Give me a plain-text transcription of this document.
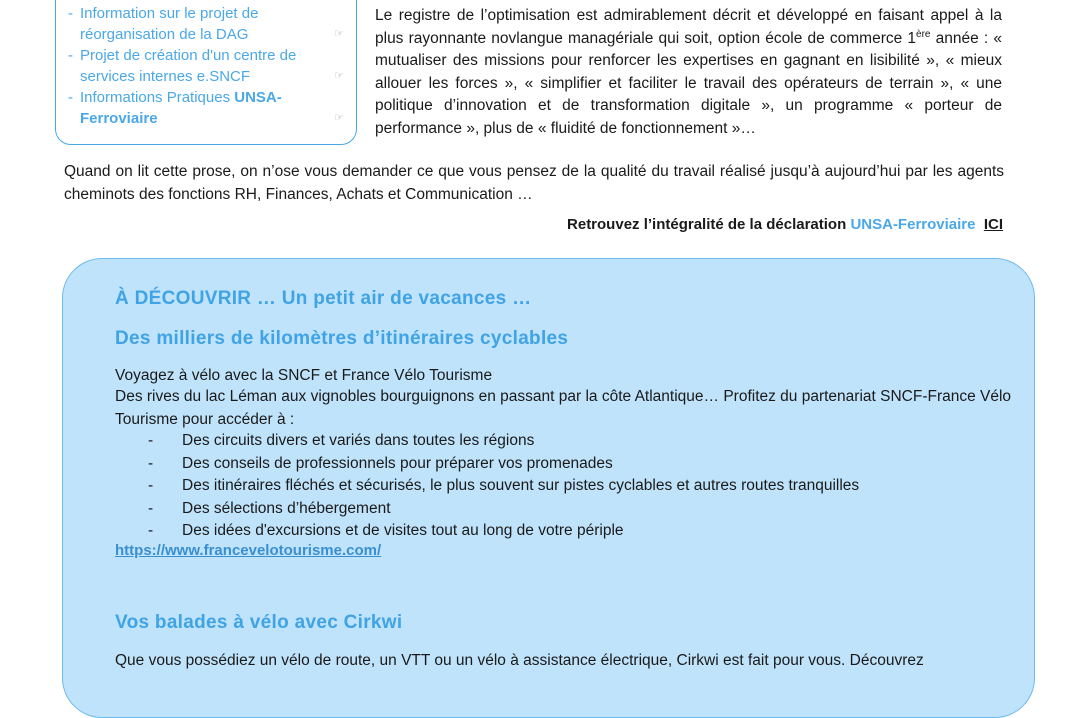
- Information sur le projet de réorganisation de la DAG	☞
- Projet de création d'un centre de services internes e.SNCF	☞
- Informations Pratiques UNSA-Ferroviaire	☞

Le registre de l’optimisation est admirablement décrit et développé en faisant appel à la plus rayonnante novlangue managériale qui soit, option école de commerce 1ère année : « mutualiser des missions pour renforcer les expertises en gagnant en lisibilité », « mieux allouer les forces », « simplifier et faciliter le travail des opérateurs de terrain », « une politique d’innovation et de transformation digitale », un programme « porteur de performance », plus de « fluidité de fonctionnement »…

Quand on lit cette prose, on n’ose vous demander ce que vous pensez de la qualité du travail réalisé jusqu’à aujourd’hui par les agents cheminots des fonctions RH, Finances, Achats et Communication …

Retrouvez l’intégralité de la déclaration UNSA-Ferroviaire ICI

À DÉCOUVRIR … Un petit air de vacances …
Des milliers de kilomètres d’itinéraires cyclables

Voyagez à vélo avec la SNCF et France Vélo Tourisme

Des rives du lac Léman aux vignobles bourguignons en passant par la côte Atlantique… Profitez du partenariat SNCF-France Vélo Tourisme pour accéder à :

- Des circuits divers et variés dans toutes les régions
- Des conseils de professionnels pour préparer vos promenades
- Des itinéraires fléchés et sécurisés, le plus souvent sur pistes cyclables et autres routes tranquilles
- Des sélections d’hébergement
- Des idées d'excursions et de visites tout au long de votre périple
https://www.francevelotourisme.com/
Vos balades à vélo avec Cirkwi

Que vous possédiez un vélo de route, un VTT ou un vélo à assistance électrique, Cirkwi est fait pour vous. Découvrez
